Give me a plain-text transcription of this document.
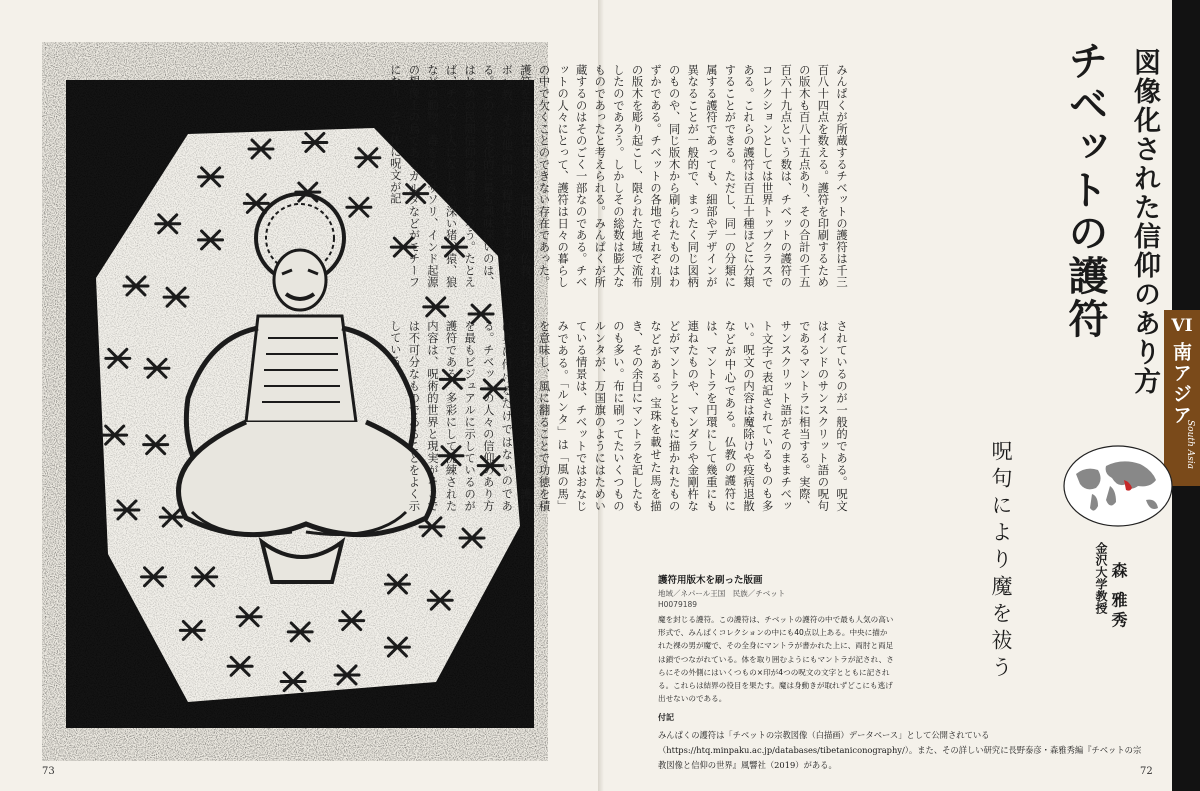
73
チベットの護符 図像化された信仰のあり方
みんぱくが所蔵するチベットの護符は千三百八十四点を数える。護符を印刷するための版木も百八十五点あり、その合計の千五百六十九点という数は、チベットの護符のコレクションとしては世界トップクラスである。これらの護符は百五十種ほどに分類することができる。ただし、同一の分類に属する護符であっても、細部やデザインが異なることが一般的で、まったく同じ図柄のものや、同じ版木から刷られたものはわずかである。チベットの各地でそれぞれ別の版木を彫り起こし、限られた地域で流布したのであろう。しかしその総数は膨大なものであったと考えられる。みんぱくが所蔵するのはそのごく一部なのである。チベットの人々にとって、護符は日々の暮らしの中で欠くことのできない存在であった。護符を宗教別に見ると、民間信仰、仏教、ボン教、その他の四つ程度にまとめられる。このうち文化的に最も興味深いのは、はじめの民間信仰の護符であろう。たとえば、チベット人になじみの深い猪、猿、狼などの動物、毒をもつサソリ、インド起源の想像上の鳥であるガルダなどがモチーフになり、その体に呪文が記
されているのが一般的である。呪文はインドのサンスクリット語の呪句であるマントラに相当する。実際、サンスクリット語がそのままチベット文字で表記されているものも多い。呪文の内容は魔除けや疫病退散などが中心である。仏教の護符には、マントラを円環にして幾重にも連ねたものや、マンダラや金剛杵などがマントラとともに描かれたものなどがある。宝珠を載せた馬を描き、その余白にマントラを記したものも多い。布に刷ってたいくつものルンタが、万国旗のようにはためいている情景は、チベットではおなじみである。「ルンタ」は「風の馬」を意味し、風に翻ることで功徳を積むことができると考えられた。護符は身に付けるだけではないのである。チベットの人々の信仰のあり方を最もビジュアルに示しているのが護符である。多彩にして洗練された内容は、呪術的世界と現実がそこでは不可分なものであることをよく示している。
呪句により魔を祓う	金沢大学教授 森 雅秀
VI
南アジア
South Asia
護符用版木を刷った版画
地域／ネパール王国　民族／チベット
H0079189
魔を封じる護符。この護符は、チベットの護符の中で最も人気の高い形式で、みんぱくコレクションの中にも40点以上ある。中央に描かれた裸の男が魔で、その全身にマントラが書かれた上に、両肘と両足は鎖でつながれている。体を取り囲むようにもマントラが記され、さらにその外側にはいくつもの×印が4つの呪文の文字とともに記される。これらは結界の役目を果たす。魔は身動きが取れずどこにも逃げ出せないのである。
付記
みんぱくの護符は「チベットの宗教図像（白描画）データベース」として公開されている（https://htq.minpaku.ac.jp/databases/tibetaniconography/）。また、その詳しい研究に長野泰彦・森雅秀編『チベットの宗教図像と信仰の世界』風響社（2019）がある。
72
